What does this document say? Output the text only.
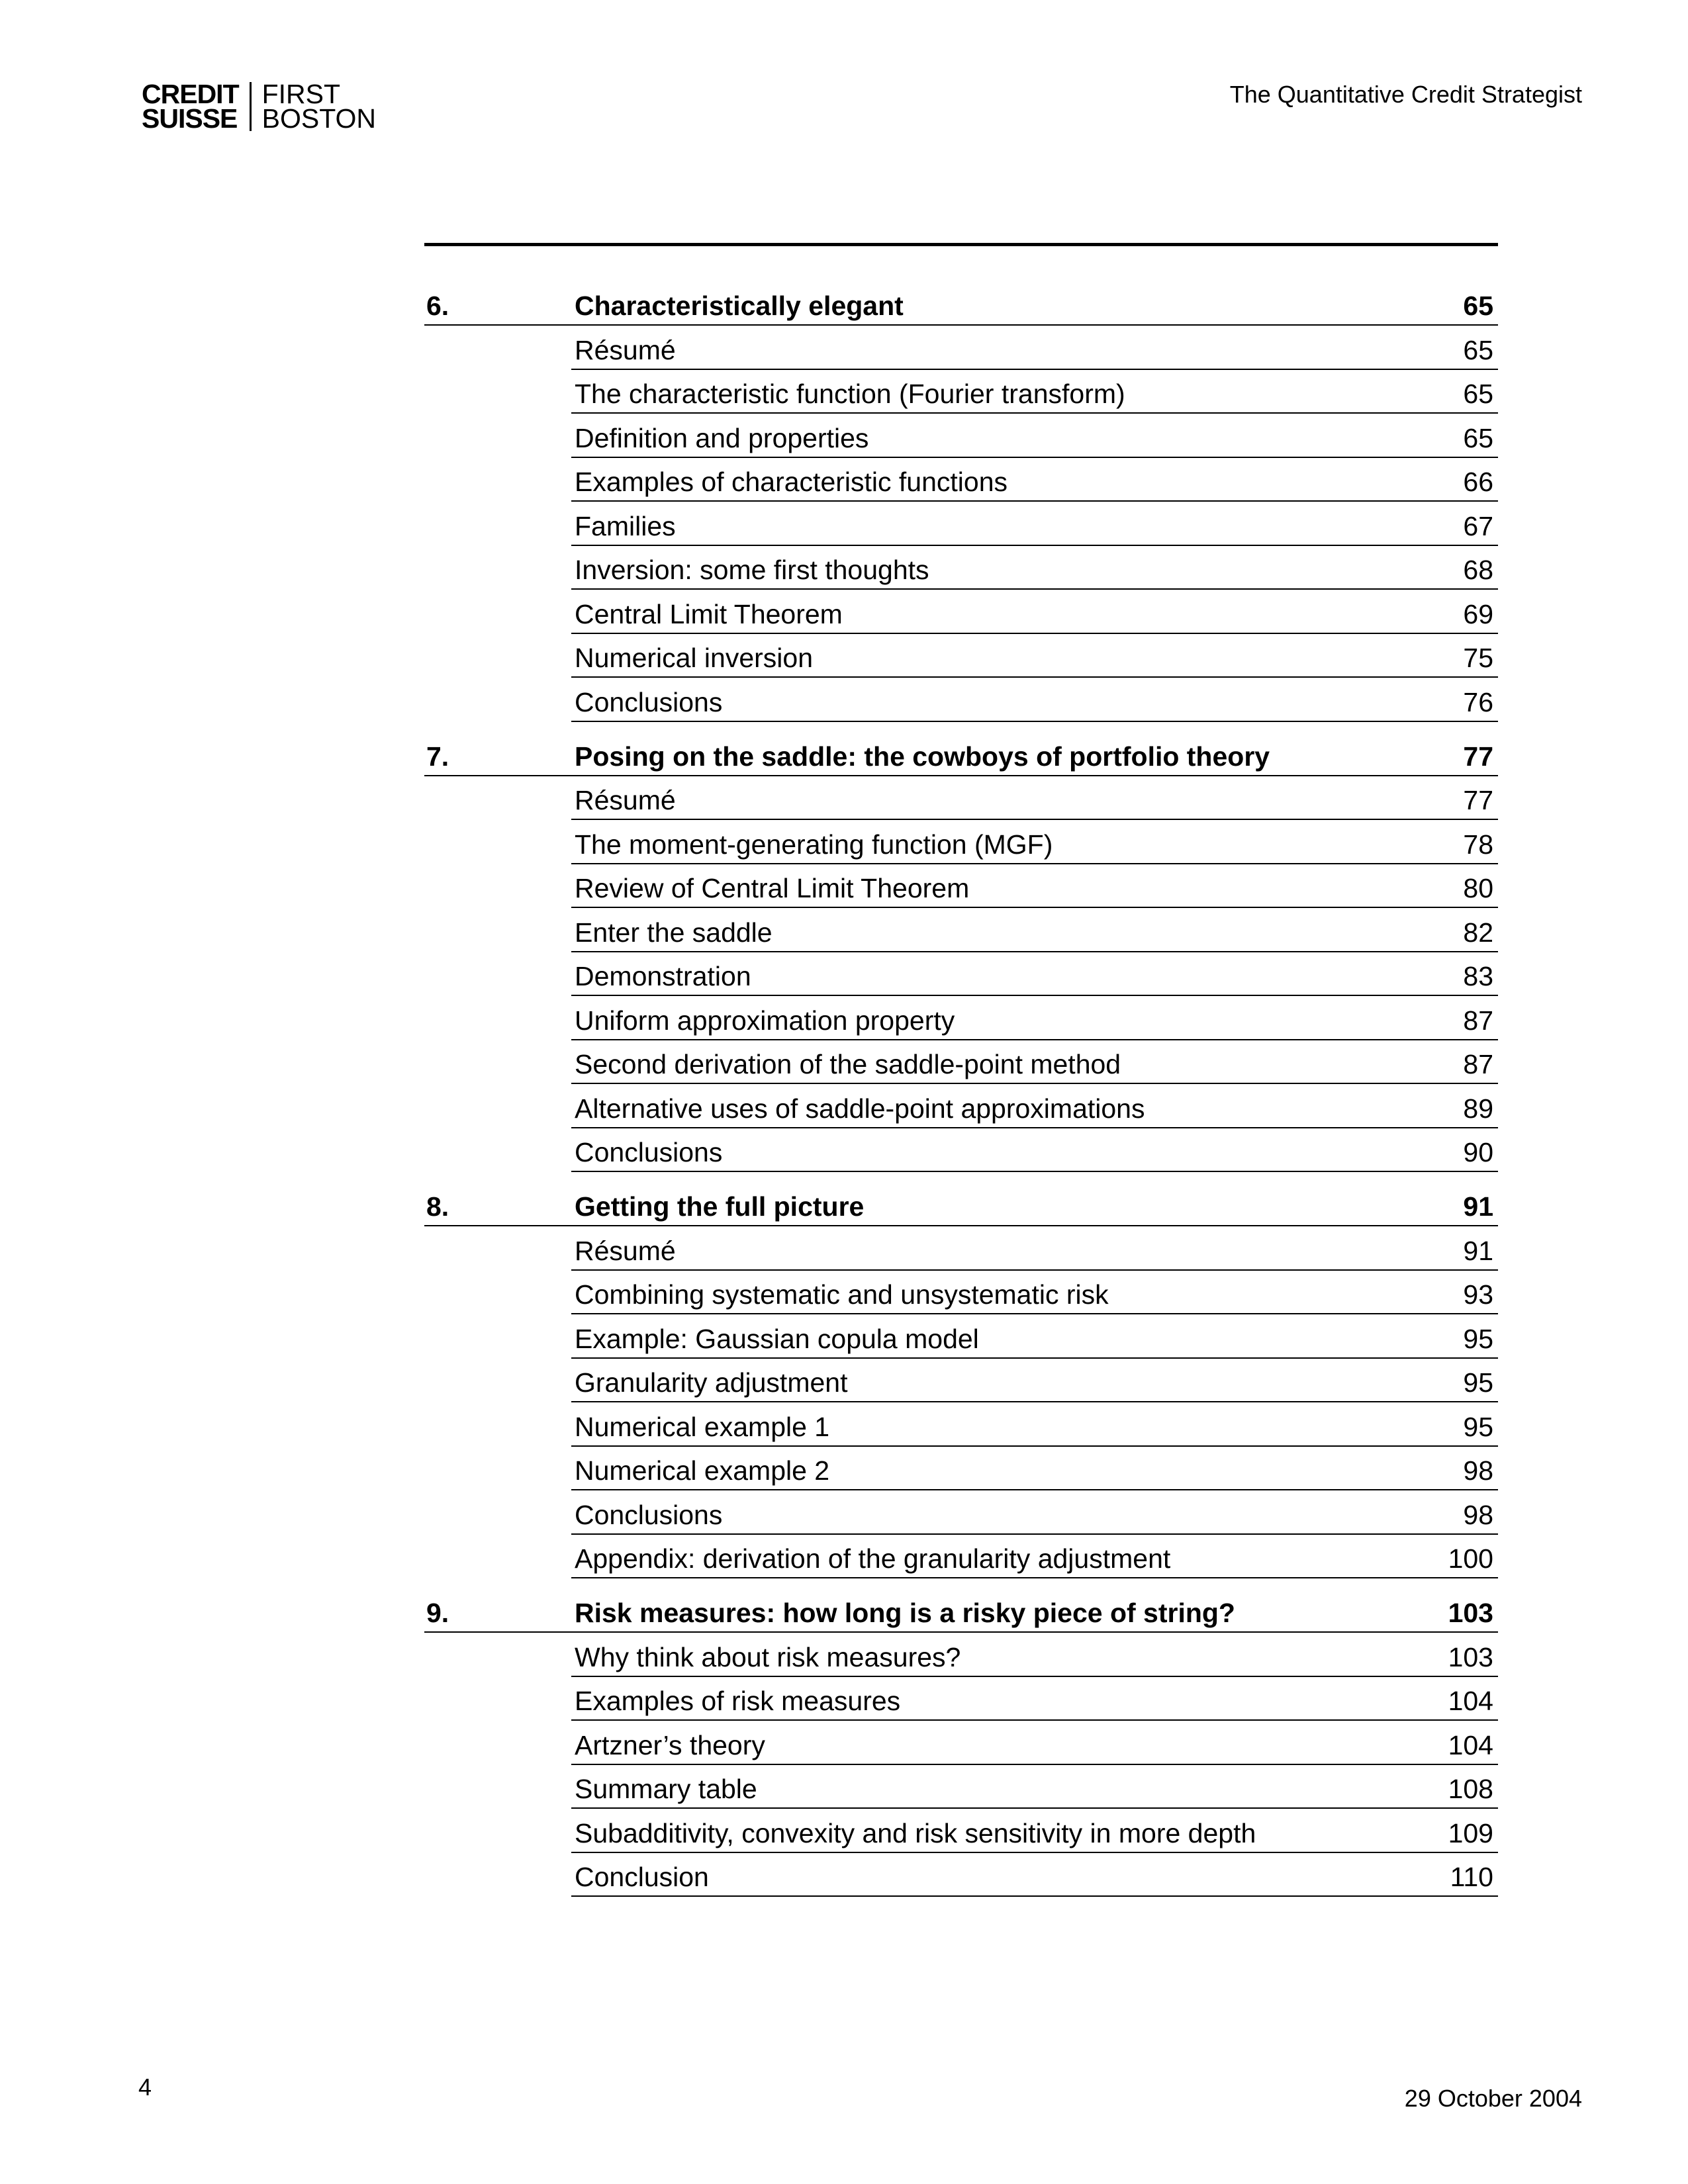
CREDIT
SUISSE
FIRST
BOSTON
The Quantitative Credit Strategist
6.	Characteristically elegant	65
Résumé	65
The characteristic function (Fourier transform)	65
Definition and properties	65
Examples of characteristic functions	66
Families	67
Inversion: some first thoughts	68
Central Limit Theorem	69
Numerical inversion	75
Conclusions	76
7.	Posing on the saddle: the cowboys of portfolio theory	77
Résumé	77
The moment-generating function (MGF)	78
Review of Central Limit Theorem	80
Enter the saddle	82
Demonstration	83
Uniform approximation property	87
Second derivation of the saddle-point method	87
Alternative uses of saddle-point approximations	89
Conclusions	90
8.	Getting the full picture	91
Résumé	91
Combining systematic and unsystematic risk	93
Example: Gaussian copula model	95
Granularity adjustment	95
Numerical example 1	95
Numerical example 2	98
Conclusions	98
Appendix: derivation of the granularity adjustment	100
9.	Risk measures: how long is a risky piece of string?	103
Why think about risk measures?	103
Examples of risk measures	104
Artzner’s theory	104
Summary table	108
Subadditivity, convexity and risk sensitivity in more depth	109
Conclusion	110
4	29 October 2004
